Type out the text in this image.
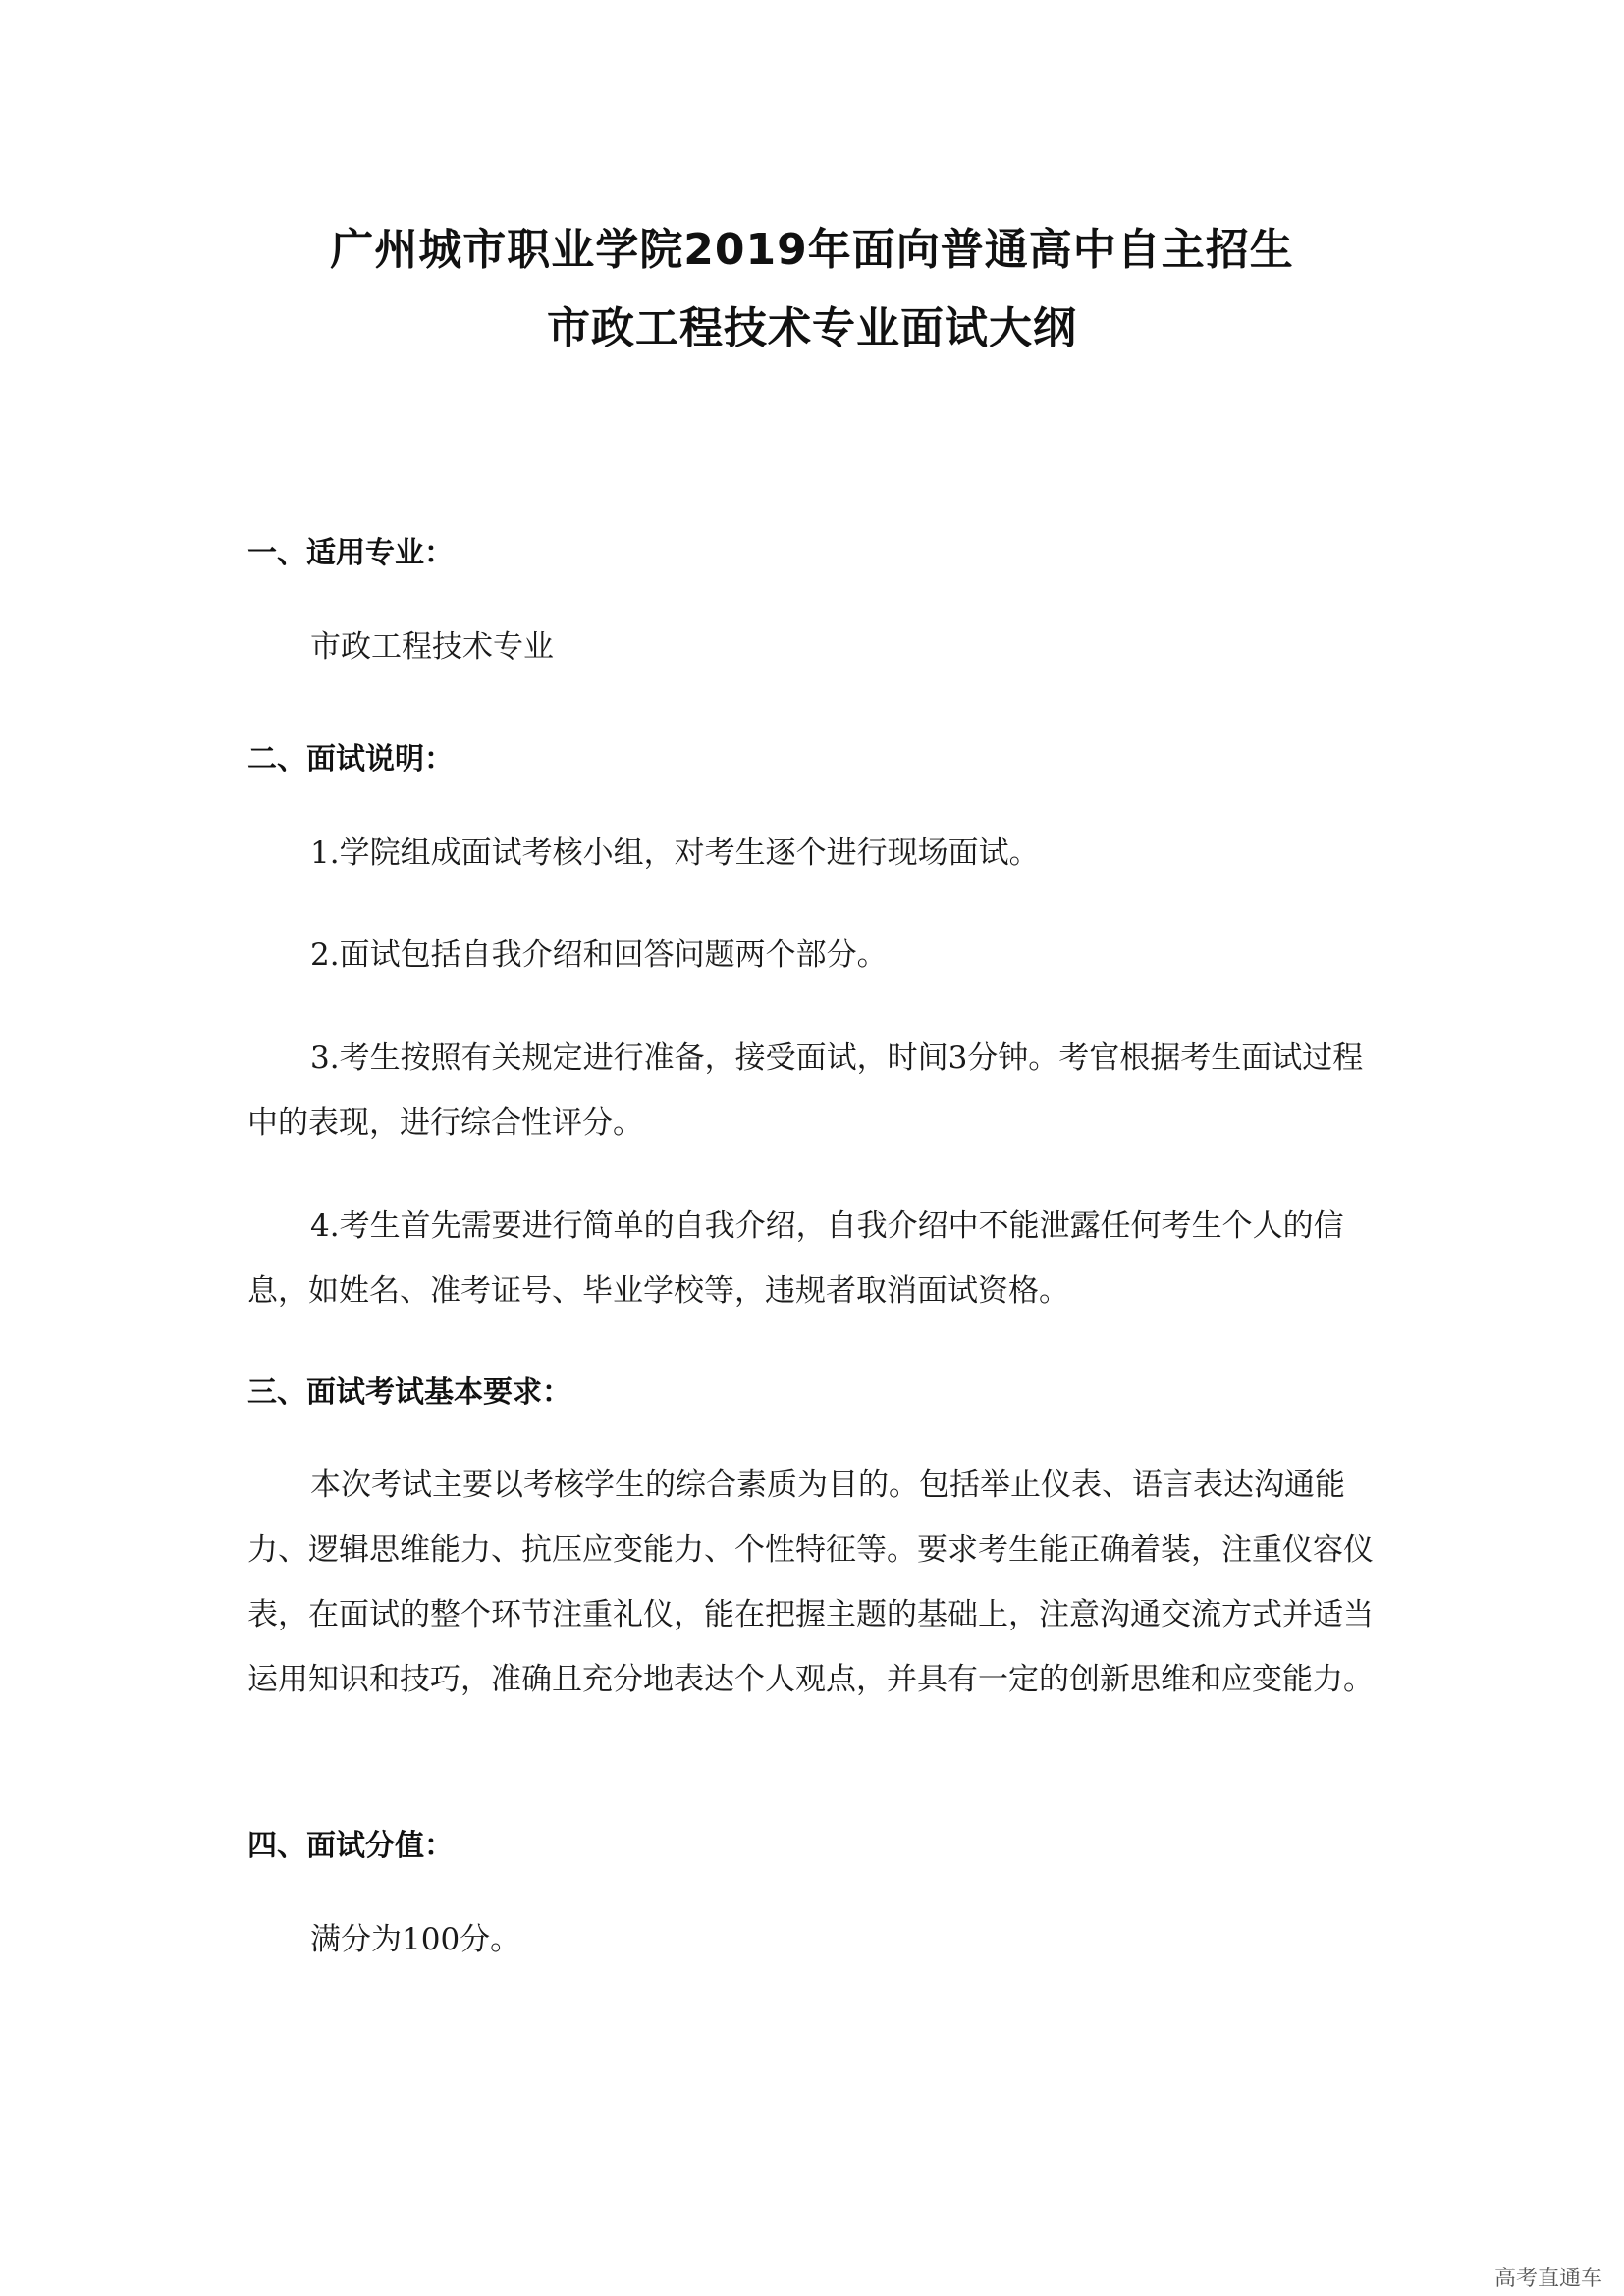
广州城市职业学院2019年面向普通高中自主招生
市政工程技术专业面试大纲
一、适用专业：
市政工程技术专业
二、面试说明：
1.学院组成面试考核小组，对考生逐个进行现场面试。
2.面试包括自我介绍和回答问题两个部分。
3.考生按照有关规定进行准备，接受面试，时间3分钟。考官根据考生面试过程中的表现，进行综合性评分。
4.考生首先需要进行简单的自我介绍，自我介绍中不能泄露任何考生个人的信息，如姓名、准考证号、毕业学校等，违规者取消面试资格。
三、面试考试基本要求：
本次考试主要以考核学生的综合素质为目的。包括举止仪表、语言表达沟通能力、逻辑思维能力、抗压应变能力、个性特征等。要求考生能正确着装，注重仪容仪表，在面试的整个环节注重礼仪，能在把握主题的基础上，注意沟通交流方式并适当运用知识和技巧，准确且充分地表达个人观点，并具有一定的创新思维和应变能力。
四、面试分值：
满分为100分。
高考直通车
